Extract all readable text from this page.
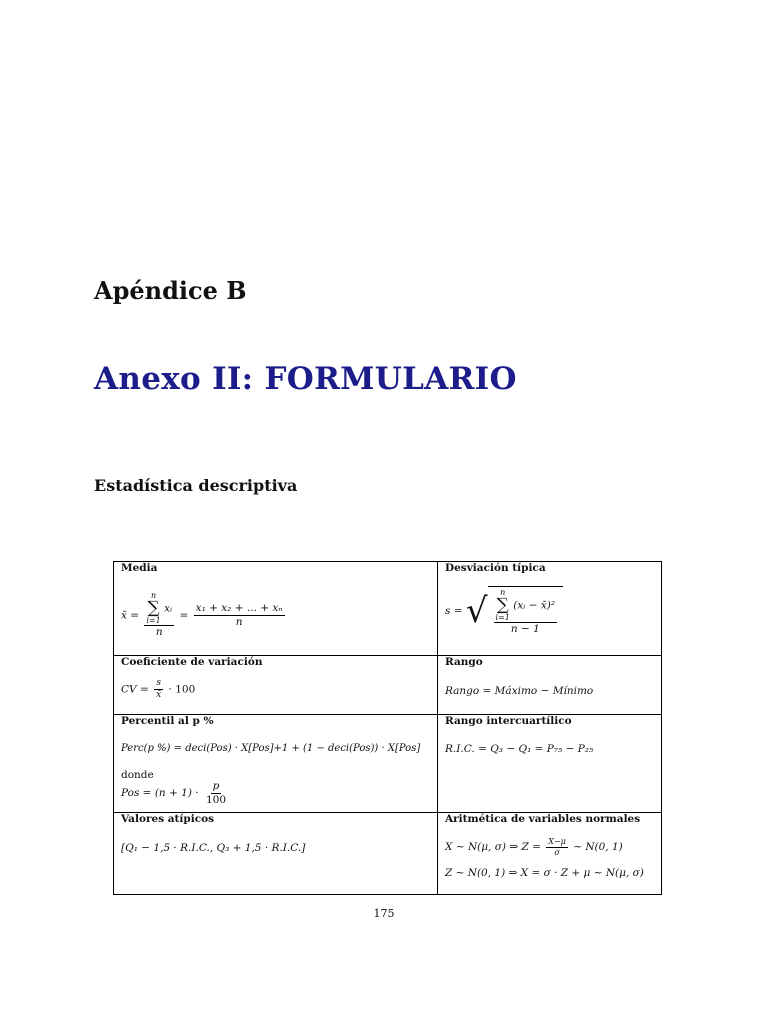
Apéndice B
Anexo II: FORMULARIO
Estadística descriptiva
Media
x̄ = n
∑
i=1
xᵢ
$n = \frac{\text{x₁ + x₂ + ... + xₙ}}{n}$
Desviación típica
s = √ n
∑
i=1
(xᵢ − x̄)²
n − 1
Coeficiente de variación
CV = $\frac{s}{x̄} \cdot 100$
Rango
Rango = Máximo − Mínimo
Percentil al p %
Perc(p %) = deci(Pos) · X[Pos]+1 + (1 − deci(Pos)) · X[Pos]
donde
Pos = $(n + 1) \cdot \frac{p}{100}$
Rango intercuartílico
R.I.C. = Q₃ − Q₁ = P₇₅ − P₂₅
Valores atípicos
[Q₁ − 1,5 · R.I.C., Q₃ + 1,5 · R.I.C.]
Aritmética de variables normales
X ∼ N(μ, σ) ⇒ $Z = \frac{X-\mu}{\sigma}$ ∼ N(0, 1)
Z ∼ N(0, 1) ⇒ X = σ · Z + μ ∼ N(μ, σ)
175
